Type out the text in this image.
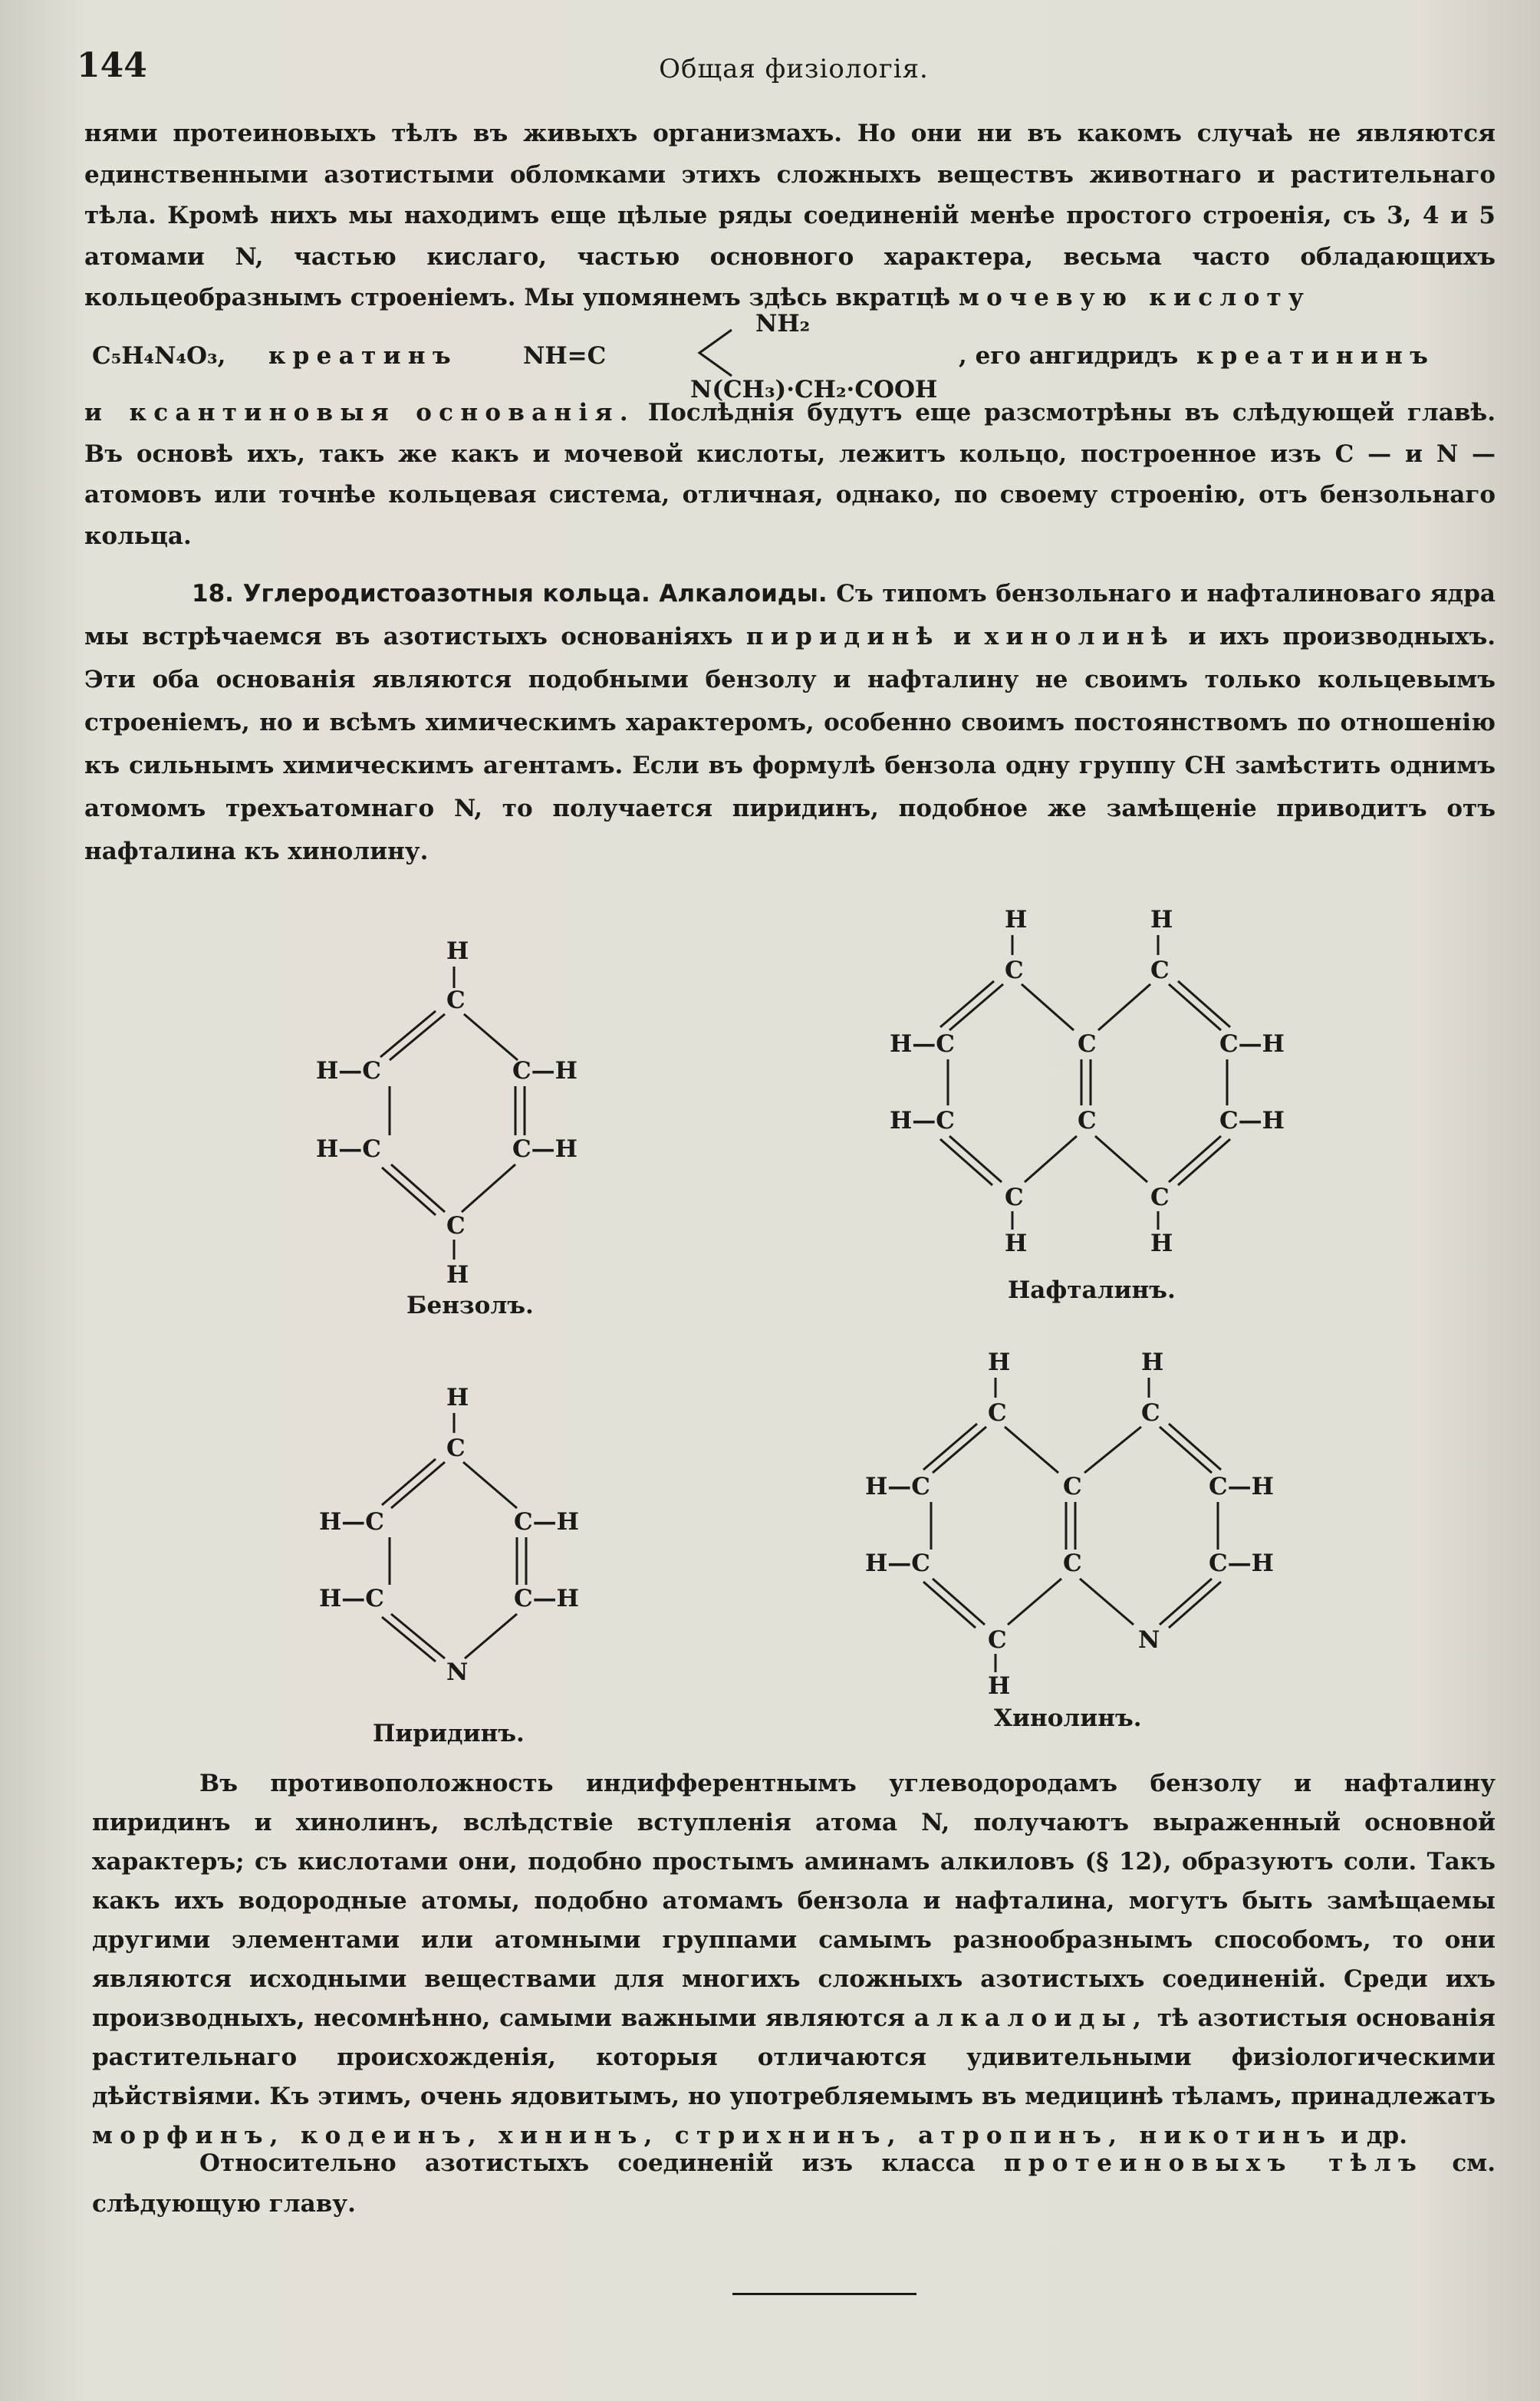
144	Общая физiологiя.

нями протеиновыхъ тѣлъ въ живыхъ организмахъ. Но они ни въ какомъ случаѣ не являются единственными азотистыми обломками этихъ сложныхъ веществъ животнаго и растительнаго тѣла. Кромѣ нихъ мы находимъ еще цѣлые ряды соединенiй менѣе простого строенiя, съ 3, 4 и 5 атомами N, частью кислаго, частью основного характера, весьма часто обладающихъ кольцеобразнымъ строенiемъ. Мы упомянемъ здѣсь вкратцѣ мочевую кислоту

C₅H₄N₄O₃, креатинъ	NH=C
NH₂
N(CH₃)·CH₂·COOH
, его ангидридъ креатининъ

и ксантиновыя основанiя. Послѣднiя будутъ еще разсмотрѣны въ слѣдующей главѣ. Въ основѣ ихъ, такъ же какъ и мочевой кислоты, лежитъ кольцо, построенное изъ C — и N — атомовъ или точнѣе кольцевая система, отличная, однако, по своему строенiю, отъ бензольнаго кольца.

18. Углеродистоазотныя кольца. Алкалоиды. Съ типомъ бензольнаго и нафталиноваго ядра мы встрѣчаемся въ азотистыхъ основанiяхъ пиридинѣ и хинолинѣ и ихъ производныхъ. Эти оба основанiя являются подобными бензолу и нафталину не своимъ только кольцевымъ строенiемъ, но и всѣмъ химическимъ характеромъ, особенно своимъ постоянствомъ по отношенiю къ сильнымъ химическимъ агентамъ. Если въ формулѣ бензола одну группу CH замѣстить однимъ атомомъ трехъатомнаго N, то получается пиридинъ, подобное же замѣщенiе приводитъ отъ нафталина къ хинолину.

H
C
H—C	C—H
H—C	C—H
C
H
Бензолъ.
H	H
C	C
H—C	C	C—H
H—C	C	C—H
C	C
H	H
Нафталинъ.
H
C
H—C	C—H
H—C	C—H
N
Пиридинъ.
H	H
C	C
H—C	C	C—H
H—C	C	C—H
C	N
H
Хинолинъ.

Въ противоположность индифферентнымъ углеводородамъ бензолу и нафталину пиридинъ и хинолинъ, вслѣдствiе вступленiя атома N, получаютъ выраженный основной характеръ; съ кислотами они, подобно простымъ аминамъ алкиловъ (§ 12), образуютъ соли. Такъ какъ ихъ водородные атомы, подобно атомамъ бензола и нафталина, могутъ быть замѣщаемы другими элементами или атомными группами самымъ разнообразнымъ способомъ, то они являются исходными веществами для многихъ сложныхъ азотистыхъ соединенiй. Среди ихъ производныхъ, несомнѣнно, самыми важными являются алкалоиды, тѣ азотистыя основанiя растительнаго происхожденiя, которыя отличаются удивительными физiологическими дѣйствiями. Къ этимъ, очень ядовитымъ, но употребляемымъ въ медицинѣ тѣламъ, принадлежатъ морфинъ, кодеинъ, хининъ, стрихнинъ, атропинъ, никотинъ и др.

Относительно азотистыхъ соединенiй изъ класса протеиновыхъ тѣлъ см. слѣдующую главу.
